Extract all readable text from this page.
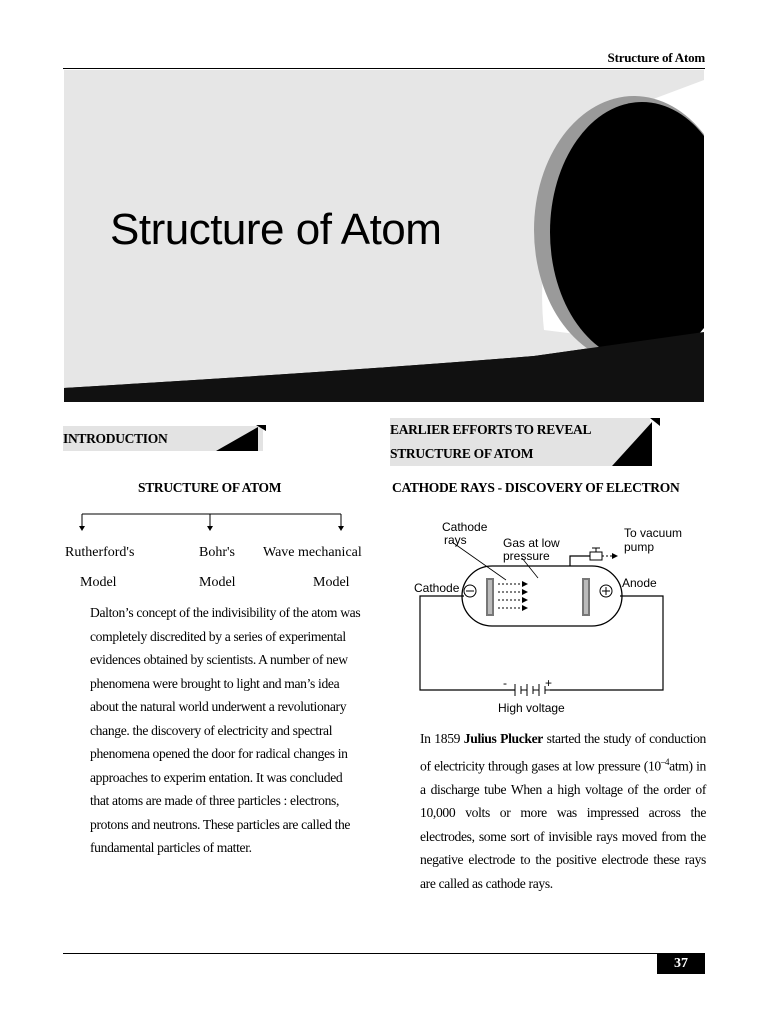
Structure of Atom
Structure of Atom
INTRODUCTION
STRUCTURE OF ATOM
Rutherford's
Model
Bohr's
Model
Wave mechanical
Model

Dalton’s concept of the indivisibility of the atom was

completely discredited by a series of experimental

evidences obtained by scientists. A number of new

phenomena were brought to light and man’s idea

about the natural world underwent a revolutionary

change. the discovery of electricity and spectral

phenomena opened the door for radical changes in

approaches to experim entation. It was concluded

that atoms are made of three particles : electrons,

protons and neutrons. These particles are called the

fundamental particles of matter.

EARLIER EFFORTS TO REVEAL
STRUCTURE OF ATOM
CATHODE RAYS - DISCOVERY OF ELECTRON
Cathode
rays	Gas at low
pressure
To vacuum
pump
Cathode	Anode
-	+
High voltage
In 1859 Julius Plucker started the study of conduction of electricity through gases at low pressure $(10^{-4}atm)$ in a discharge tube When a high voltage of the order of 10,000 volts or more was impressed across the electrodes, some sort of invisible rays moved from the negative electrode to the positive electrode these rays are called as cathode rays.
37
